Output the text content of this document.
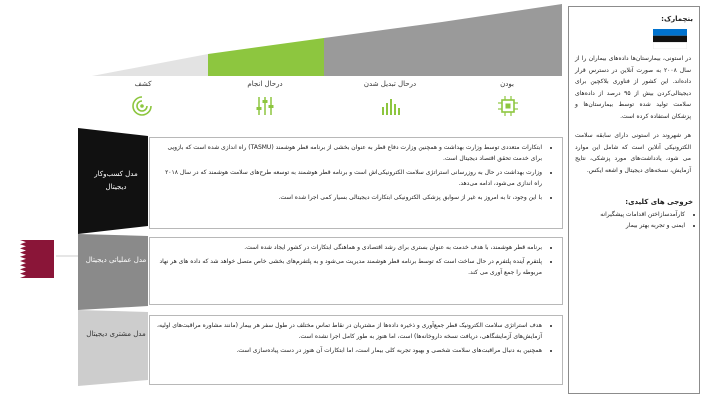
بودن
درحال تبدیل شدن
درحال انجام
کشف
مدل کسب‌وکار دیجیتال
مدل عملیاتی دیجیتال
مدل مشتری دیجیتال
• ابتکارات متعددی توسط وزارت بهداشت و همچنین وزارت دفاع قطر به عنوان بخشی از برنامه قطر هوشمند (TASMU) راه اندازی شده است که بازویی برای خدمت تحقق اقتصاد دیجیتال است.
• وزارت بهداشت در حال به روزرسانی استراتژی سلامت الکترونیکی‌اش است و برنامه قطر هوشمند به توسعه طرح‌های سلامت هوشمند که در سال ۲۰۱۸ راه اندازی می‌شود، ادامه می‌دهد.
• با این وجود، تا به امروز به غیر از سوابق پزشکی الکترونیکی ابتکارات دیجیتالی بسیار کمی اجرا شده است.
• برنامه قطر هوشمند، با هدف خدمت به عنوان بستری برای رشد اقتصادی و هماهنگی ابتکارات در کشور ایجاد شده است.
• پلتفرم آینده پلتفرم در حال ساخت است که توسط برنامه قطر هوشمند مدیریت می‌شود و به پلتفرم‌های بخشی خاص متصل خواهد شد که داده های هر نهاد مربوطه را جمع آوری می کند.
• هدف استراتژی سلامت الکترونیک قطر جمع‌آوری و ذخیره داده‌ها از مشتریان در نقاط تماس مختلف در طول سفر هر بیمار (مانند مشاوره مراقبت‌های اولیه، آزمایش‌های آزمایشگاهی، دریافت نسخه داروخانه‌ها) است، اما هنوز به طور کامل اجرا نشده است.
• همچنین به دنبال مراقبت‌های سلامت شخصی و بهبود تجربه کلی بیمار است، اما ابتکارات آن هنوز در دست پیاده‌سازی است.
بنچمارک:
در استونی، بیمارستان‌ها داده‌های بیماران را از سال ۲۰۰۸ به صورت آنلاین در دسترس قرار داده‌اند. این کشور از فناوری بلاکچین برای دیجیتالی‌کردن بیش از ۹۵ درصد از داده‌های سلامت تولید شده توسط بیمارستان‌ها و پزشکان استفاده کرده است.
هر شهروند در استونی دارای سابقه سلامت الکترونیکی آنلاین است که شامل این موارد می شود، یادداشت‌های مورد پزشکی، نتایج آزمایش، نسخه‌های دیجیتال و اشعه ایکس.
خروجی های کلیدی:
• کارآمدسازاختن اقدامات پیشگیرانه
• ایمنی و تجربه بهتر بیمار
